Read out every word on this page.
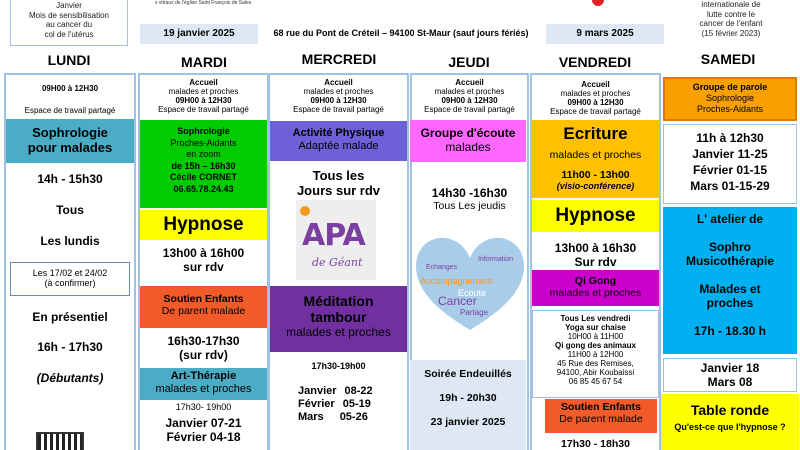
Janvier
Mois de sensibilisation
au cancer du
col de l'utérus
s vitraux de l'église Saint François de Sales
19 janvier 2025	68 rue du Pont de Créteil – 94100 St-Maur (sauf jours fériés)	9 mars 2025
internationale de
lutte contre le
cancer de l'enfant
(15 février 2023)
LUNDI	MARDI	MERCREDI	JEUDI	VENDREDI	SAMEDI
09H00 à 12H30
Espace de travail partagé
Sophrologie
pour malades
14h - 15h30
Tous
Les lundis
Les 17/02 et 24/02
(à confirmer)
En présentiel
16h - 17h30
(Débutants)
Accueil
malades et proches
09H00 à 12H30
Espace de travail partagé
Sophrologie
Proches-Aidants
en zoom
de 15h – 16h30
Cécile CORNET
06.65.78.24.43
Hypnose
13h00 à 16h00
sur rdv
Soutien Enfants
De parent malade
16h30-17h30
(sur rdv)
Art-Thérapie
malades et proches
17h30- 19h00
Janvier 07-21
Février 04-18
Accueil
malades et proches
09H00 à 12H30
Espace de travail partagé
Activité Physique
Adaptée malade
Tous les
Jours sur rdv
APA
de Géant
Méditation
tambour
malades et proches
17h30-19h00
Janvier 08-22
Février 05-19
Mars 05-26
Accueil
malades et proches
09H00 à 12H30
Espace de travail partagé
Groupe d'écoute
malades
14h30 -16h30
Tous Les jeudis
Echanges
Information
Accompagnement
Ecoute
Cancer
Partage
Soirée Endeuillés
19h - 20h30
23 janvier 2025
Accueil
malades et proches
09H00 à 12H30
Espace de travail partagé
Ecriture
malades et proches
11h00 - 13h00
(visio-conférence)
Hypnose
13h00 à 16h30
Sur rdv
Qi Gong
malades et proches
Tous Les vendredi
Yoga sur chaise
10H00 à 11H00
Qi gong des animaux
11H00 à 12H00
45 Rue des Remises,
94100, Abir Koubaissi
06 85 45 67 54
Soutien Enfants
De parent malade
17h30 - 18h30
Groupe de parole
Sophrologie
Proches-Aidants
11h à 12h30
Janvier 11-25
Février 01-15
Mars 01-15-29
L' atelier de
Sophro
Musicothérapie
Malades et
proches
17h - 18.30 h
Janvier 18
Mars 08
Table ronde
Qu'est-ce que l'hypnose ?
